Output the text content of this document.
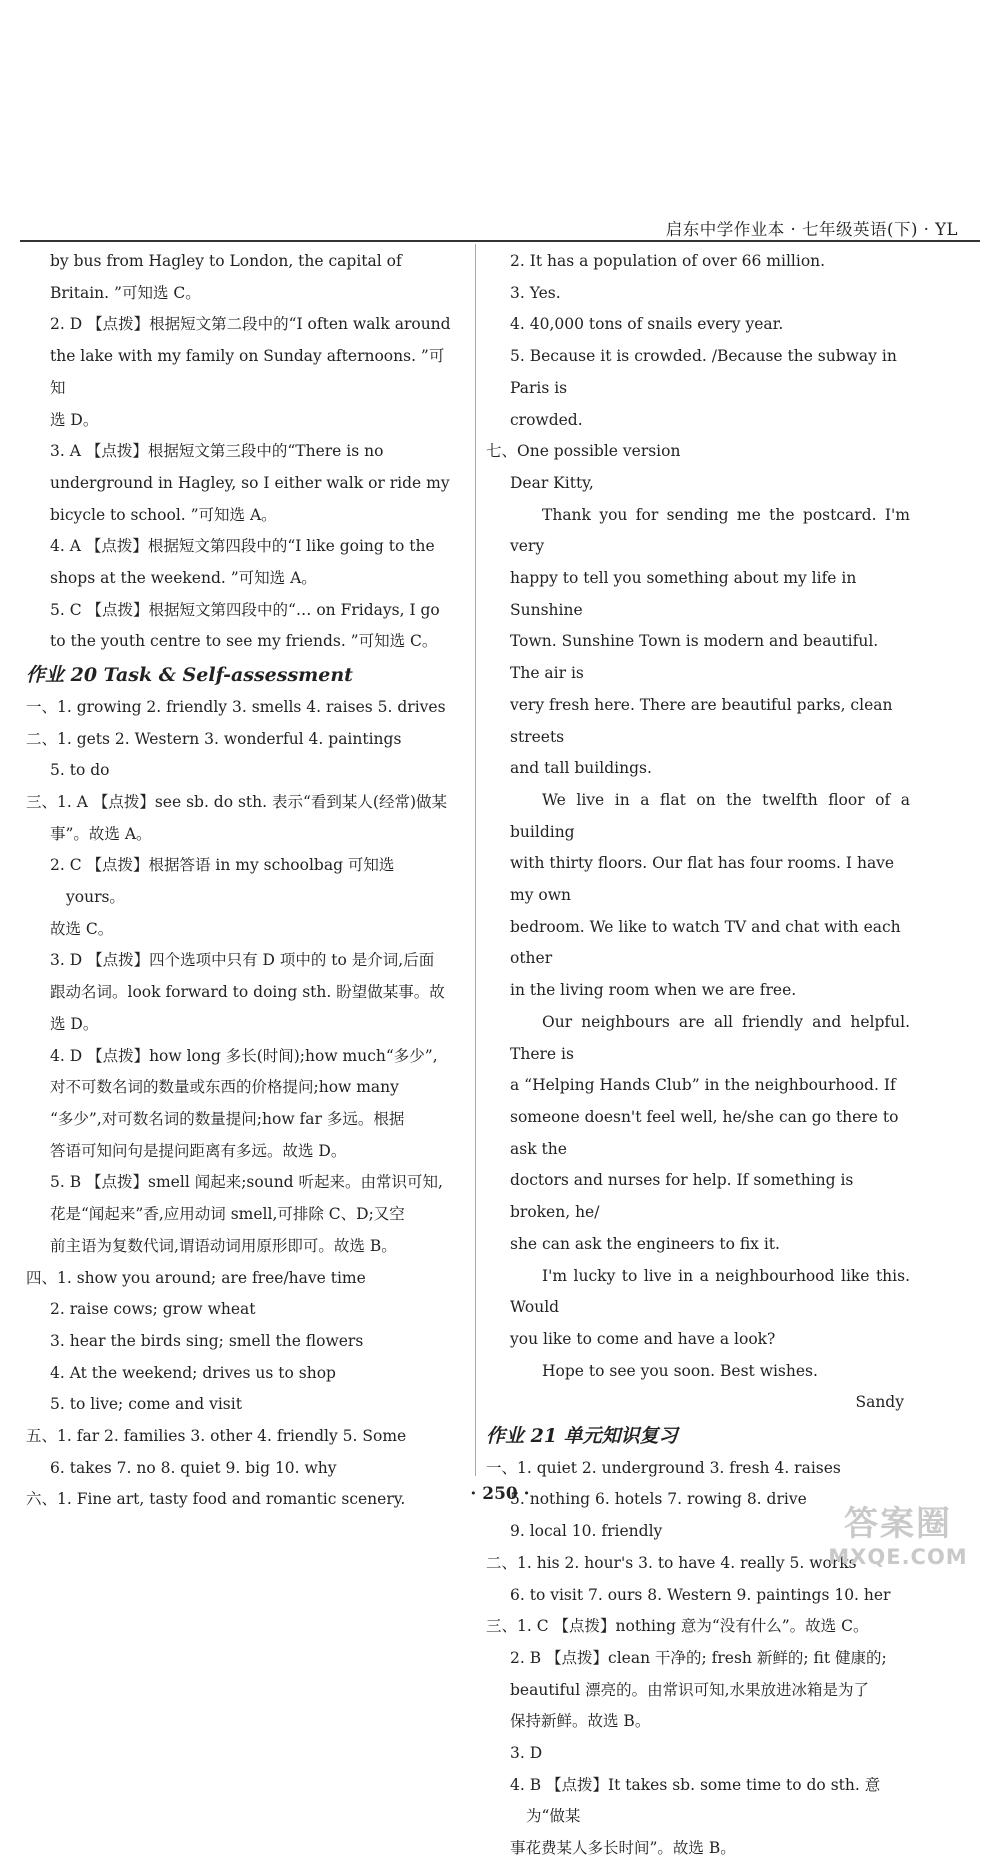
启东中学作业本 · 七年级英语(下) · YL
by bus from Hagley to London, the capital of
Britain. ”可知选 C。
2. D 【点拨】根据短文第二段中的“I often walk around
the lake with my family on Sunday afternoons. ”可知
选 D。
3. A 【点拨】根据短文第三段中的“There is no
underground in Hagley, so I either walk or ride my
bicycle to school. ”可知选 A。
4. A 【点拨】根据短文第四段中的“I like going to the
shops at the weekend. ”可知选 A。
5. C 【点拨】根据短文第四段中的“… on Fridays, I go
to the youth centre to see my friends. ”可知选 C。
作业 20 Task & Self-assessment
一、1. growing 2. friendly 3. smells 4. raises 5. drives
二、1. gets 2. Western 3. wonderful 4. paintings
5. to do
三、1. A 【点拨】see sb. do sth. 表示“看到某人(经常)做某
事”。故选 A。
2. C 【点拨】根据答语 in my schoolbag 可知选 yours。
故选 C。
3. D 【点拨】四个选项中只有 D 项中的 to 是介词,后面
跟动名词。look forward to doing sth. 盼望做某事。故
选 D。
4. D 【点拨】how long 多长(时间);how much“多少”,
对不可数名词的数量或东西的价格提问;how many
“多少”,对可数名词的数量提问;how far 多远。根据
答语可知问句是提问距离有多远。故选 D。
5. B 【点拨】smell 闻起来;sound 听起来。由常识可知,
花是“闻起来”香,应用动词 smell,可排除 C、D;又空
前主语为复数代词,谓语动词用原形即可。故选 B。
四、1. show you around; are free/have time
2. raise cows; grow wheat
3. hear the birds sing; smell the flowers
4. At the weekend; drives us to shop
5. to live; come and visit
五、1. far 2. families 3. other 4. friendly 5. Some
6. takes 7. no 8. quiet 9. big 10. why
六、1. Fine art, tasty food and romantic scenery.
2. It has a population of over 66 million.
3. Yes.
4. 40,000 tons of snails every year.
5. Because it is crowded. /Because the subway in Paris is
crowded.
七、One possible version
Dear Kitty,
Thank you for sending me the postcard. I'm very
happy to tell you something about my life in Sunshine
Town. Sunshine Town is modern and beautiful. The air is
very fresh here. There are beautiful parks, clean streets
and tall buildings.
We live in a flat on the twelfth floor of a building
with thirty floors. Our flat has four rooms. I have my own
bedroom. We like to watch TV and chat with each other
in the living room when we are free.
Our neighbours are all friendly and helpful. There is
a “Helping Hands Club” in the neighbourhood. If
someone doesn't feel well, he/she can go there to ask the
doctors and nurses for help. If something is broken, he/
she can ask the engineers to fix it.
I'm lucky to live in a neighbourhood like this. Would
you like to come and have a look?
Hope to see you soon. Best wishes.
Sandy
作业 21 单元知识复习
一、1. quiet 2. underground 3. fresh 4. raises
5. nothing 6. hotels 7. rowing 8. drive
9. local 10. friendly
二、1. his 2. hour's 3. to have 4. really 5. works
6. to visit 7. ours 8. Western 9. paintings 10. her
三、1. C 【点拨】nothing 意为“没有什么”。故选 C。
2. B 【点拨】clean 干净的; fresh 新鲜的; fit 健康的;
beautiful 漂亮的。由常识可知,水果放进冰箱是为了
保持新鲜。故选 B。
3. D
4. B 【点拨】It takes sb. some time to do sth. 意为“做某
事花费某人多长时间”。故选 B。
· 250 ·
答案圈
MXQE.COM
